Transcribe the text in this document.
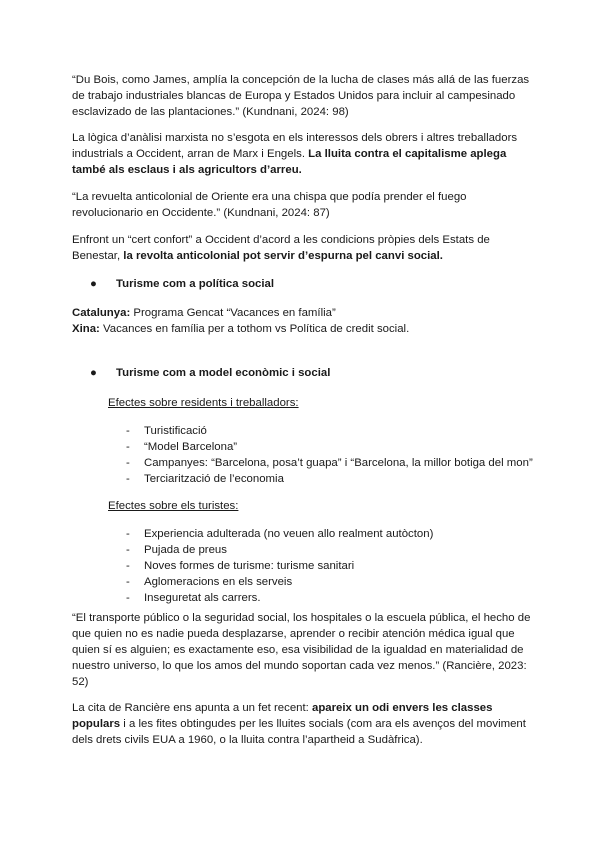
“Du Bois, como James, amplía la concepción de la lucha de clases más allá de las fuerzas de trabajo industriales blancas de Europa y Estados Unidos para incluir al campesinado esclavizado de las plantaciones.” (Kundnani, 2024: 98)

La lògica d’anàlisi marxista no s’esgota en els interessos dels obrers i altres treballadors industrials a Occident, arran de Marx i Engels. La lluita contra el capitalisme aplega també als esclaus i als agricultors d’arreu.

“La revuelta anticolonial de Oriente era una chispa que podía prender el fuego revolucionario en Occidente.” (Kundnani, 2024: 87)

Enfront un “cert confort” a Occident d’acord a les condicions pròpies dels Estats de Benestar, la revolta anticolonial pot servir d’espurna pel canvi social.

● Turisme com a política social
Catalunya: Programa Gencat “Vacances en família”
Xina: Vacances en família per a tothom vs Política de credit social.
● Turisme com a model econòmic i social
Efectes sobre residents i treballadors:
- Turistificació
- “Model Barcelona”
- Campanyes: “Barcelona, posa’t guapa” i “Barcelona, la millor botiga del mon”
- Terciarització de l’economia
Efectes sobre els turistes:
- Experiencia adulterada (no veuen allo realment autòcton)
- Pujada de preus
- Noves formes de turisme: turisme sanitari
- Aglomeracions en els serveis
- Inseguretat als carrers.

“El transporte público o la seguridad social, los hospitales o la escuela pública, el hecho de que quien no es nadie pueda desplazarse, aprender o recibir atención médica igual que quien sí es alguien; es exactamente eso, esa visibilidad de la igualdad en materialidad de nuestro universo, lo que los amos del mundo soportan cada vez menos.” (Rancière, 2023: 52)

La cita de Rancière ens apunta a un fet recent: apareix un odi envers les classes populars i a les fites obtingudes per les lluites socials (com ara els avenços del moviment dels drets civils EUA a 1960, o la lluita contra l’apartheid a Sudàfrica).
